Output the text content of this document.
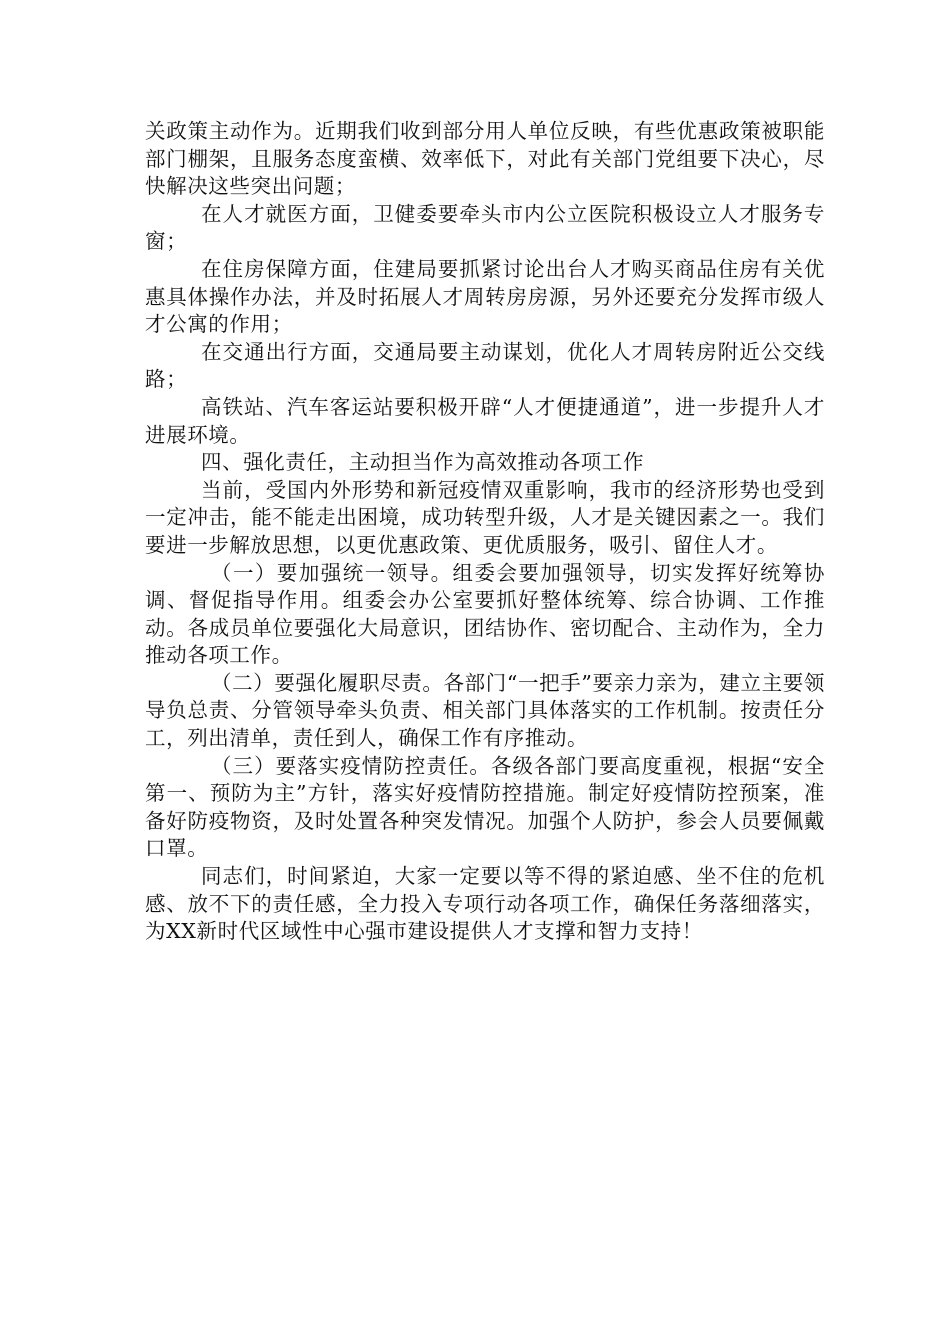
关政策主动作为。近期我们收到部分用人单位反映，有些优惠政策被职能部门棚架，且服务态度蛮横、效率低下，对此有关部门党组要下决心，尽快解决这些突出问题；

在人才就医方面，卫健委要牵头市内公立医院积极设立人才服务专窗；

在住房保障方面，住建局要抓紧讨论出台人才购买商品住房有关优惠具体操作办法，并及时拓展人才周转房房源，另外还要充分发挥市级人才公寓的作用；

在交通出行方面，交通局要主动谋划，优化人才周转房附近公交线路；

高铁站、汽车客运站要积极开辟“人才便捷通道”，进一步提升人才进展环境。

四、强化责任，主动担当作为高效推动各项工作

当前，受国内外形势和新冠疫情双重影响，我市的经济形势也受到一定冲击，能不能走出困境，成功转型升级，人才是关键因素之一。我们要进一步解放思想，以更优惠政策、更优质服务，吸引、留住人才。

（一）要加强统一领导。组委会要加强领导，切实发挥好统筹协调、督促指导作用。组委会办公室要抓好整体统筹、综合协调、工作推动。各成员单位要强化大局意识，团结协作、密切配合、主动作为，全力推动各项工作。

（二）要强化履职尽责。各部门“一把手”要亲力亲为，建立主要领导负总责、分管领导牵头负责、相关部门具体落实的工作机制。按责任分工，列出清单，责任到人，确保工作有序推动。

（三）要落实疫情防控责任。各级各部门要高度重视，根据“安全第一、预防为主”方针，落实好疫情防控措施。制定好疫情防控预案，准备好防疫物资，及时处置各种突发情况。加强个人防护，参会人员要佩戴口罩。

同志们，时间紧迫，大家一定要以等不得的紧迫感、坐不住的危机感、放不下的责任感，全力投入专项行动各项工作，确保任务落细落实，为XX新时代区域性中心强市建设提供人才支撑和智力支持！
